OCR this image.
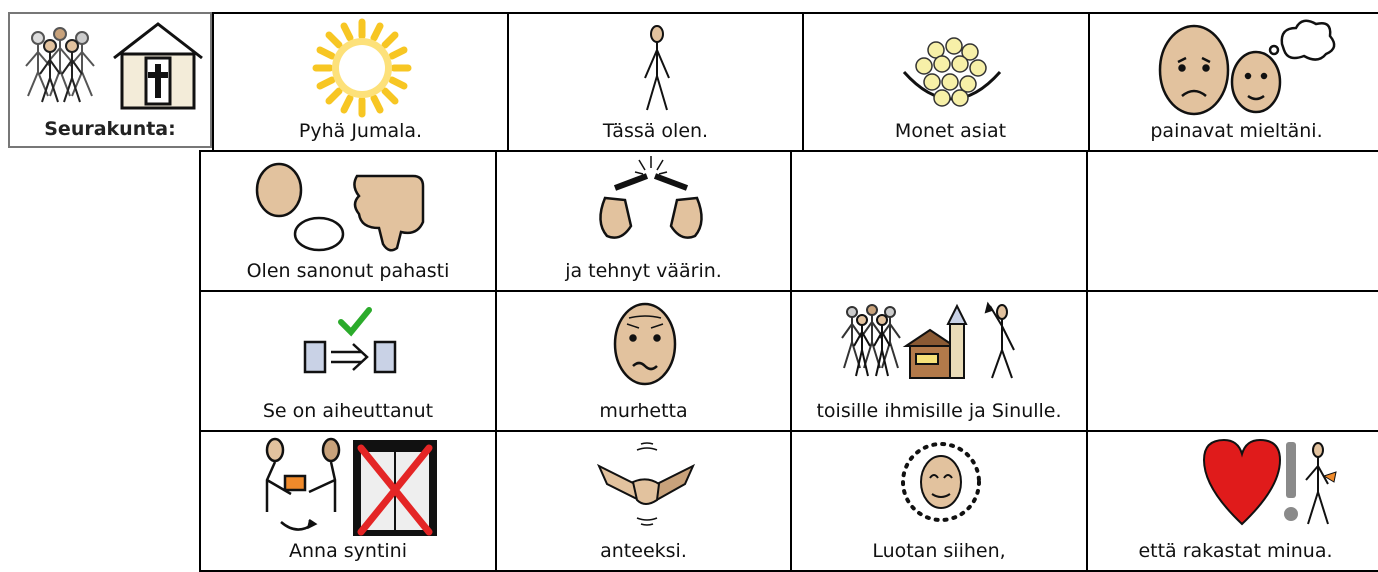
Seurakunta:	Pyhä Jumala.	Tässä olen.	Monet asiat	painavat mieltäni.
Olen sanonut pahasti	ja tehnyt väärin.
Se on aiheuttanut	murhetta	toisille ihmisille ja Sinulle.
Anna syntini	anteeksi.	Luotan siihen,	että rakastat minua.
